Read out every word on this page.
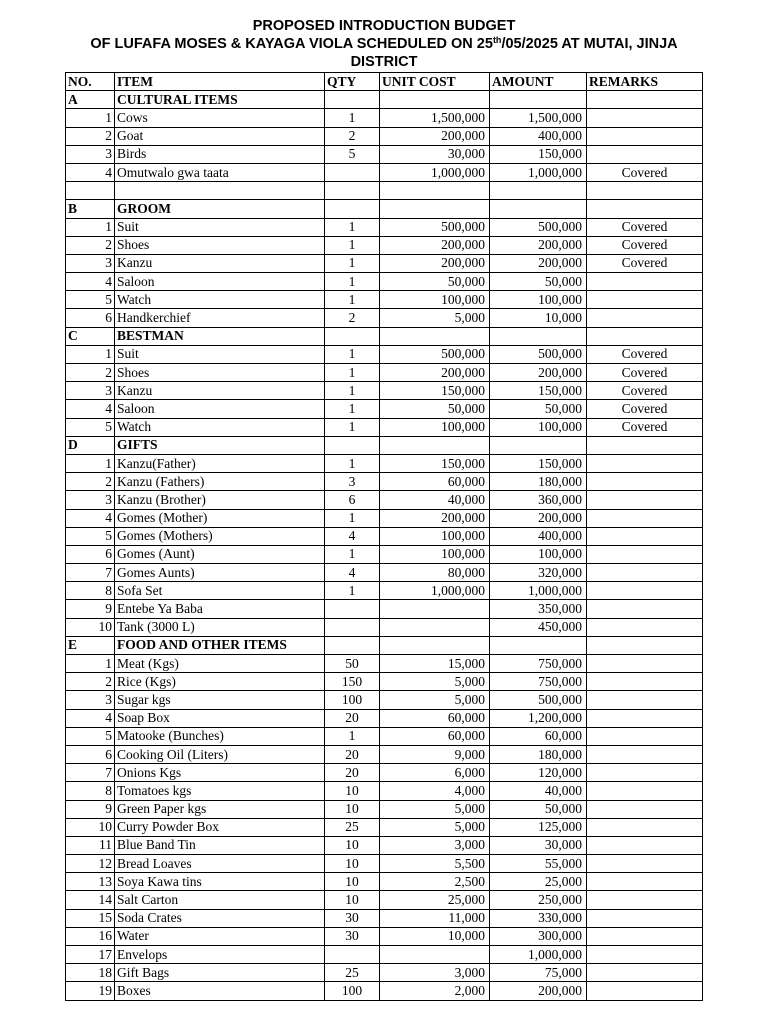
PROPOSED INTRODUCTION BUDGET
OF LUFAFA MOSES & KAYAGA VIOLA SCHEDULED ON 25th/05/2025 AT MUTAI, JINJA
DISTRICT
NO.	ITEM	QTY	UNIT COST	AMOUNT	REMARKS
A	CULTURAL ITEMS				
1	Cows	1	1,500,000	1,500,000	
2	Goat	2	200,000	400,000	
3	Birds	5	30,000	150,000	
4	Omutwalo gwa taata		1,000,000	1,000,000	Covered

B	GROOM				
1	Suit	1	500,000	500,000	Covered
2	Shoes	1	200,000	200,000	Covered
3	Kanzu	1	200,000	200,000	Covered
4	Saloon	1	50,000	50,000	
5	Watch	1	100,000	100,000	
6	Handkerchief	2	5,000	10,000	
C	BESTMAN				
1	Suit	1	500,000	500,000	Covered
2	Shoes	1	200,000	200,000	Covered
3	Kanzu	1	150,000	150,000	Covered
4	Saloon	1	50,000	50,000	Covered
5	Watch	1	100,000	100,000	Covered
D	GIFTS				
1	Kanzu(Father)	1	150,000	150,000	
2	Kanzu (Fathers)	3	60,000	180,000	
3	Kanzu (Brother)	6	40,000	360,000	
4	Gomes (Mother)	1	200,000	200,000	
5	Gomes (Mothers)	4	100,000	400,000	
6	Gomes (Aunt)	1	100,000	100,000	
7	Gomes Aunts)	4	80,000	320,000	
8	Sofa Set	1	1,000,000	1,000,000	
9	Entebe Ya Baba			350,000	
10	Tank (3000 L)			450,000	
E	FOOD AND OTHER ITEMS				
1	Meat (Kgs)	50	15,000	750,000	
2	Rice (Kgs)	150	5,000	750,000	
3	Sugar kgs	100	5,000	500,000	
4	Soap Box	20	60,000	1,200,000	
5	Matooke (Bunches)	1	60,000	60,000	
6	Cooking Oil (Liters)	20	9,000	180,000	
7	Onions Kgs	20	6,000	120,000	
8	Tomatoes kgs	10	4,000	40,000	
9	Green Paper kgs	10	5,000	50,000	
10	Curry Powder Box	25	5,000	125,000	
11	Blue Band Tin	10	3,000	30,000	
12	Bread Loaves	10	5,500	55,000	
13	Soya Kawa tins	10	2,500	25,000	
14	Salt Carton	10	25,000	250,000	
15	Soda Crates	30	11,000	330,000	
16	Water	30	10,000	300,000	
17	Envelops			1,000,000	
18	Gift Bags	25	3,000	75,000	
19	Boxes	100	2,000	200,000	
